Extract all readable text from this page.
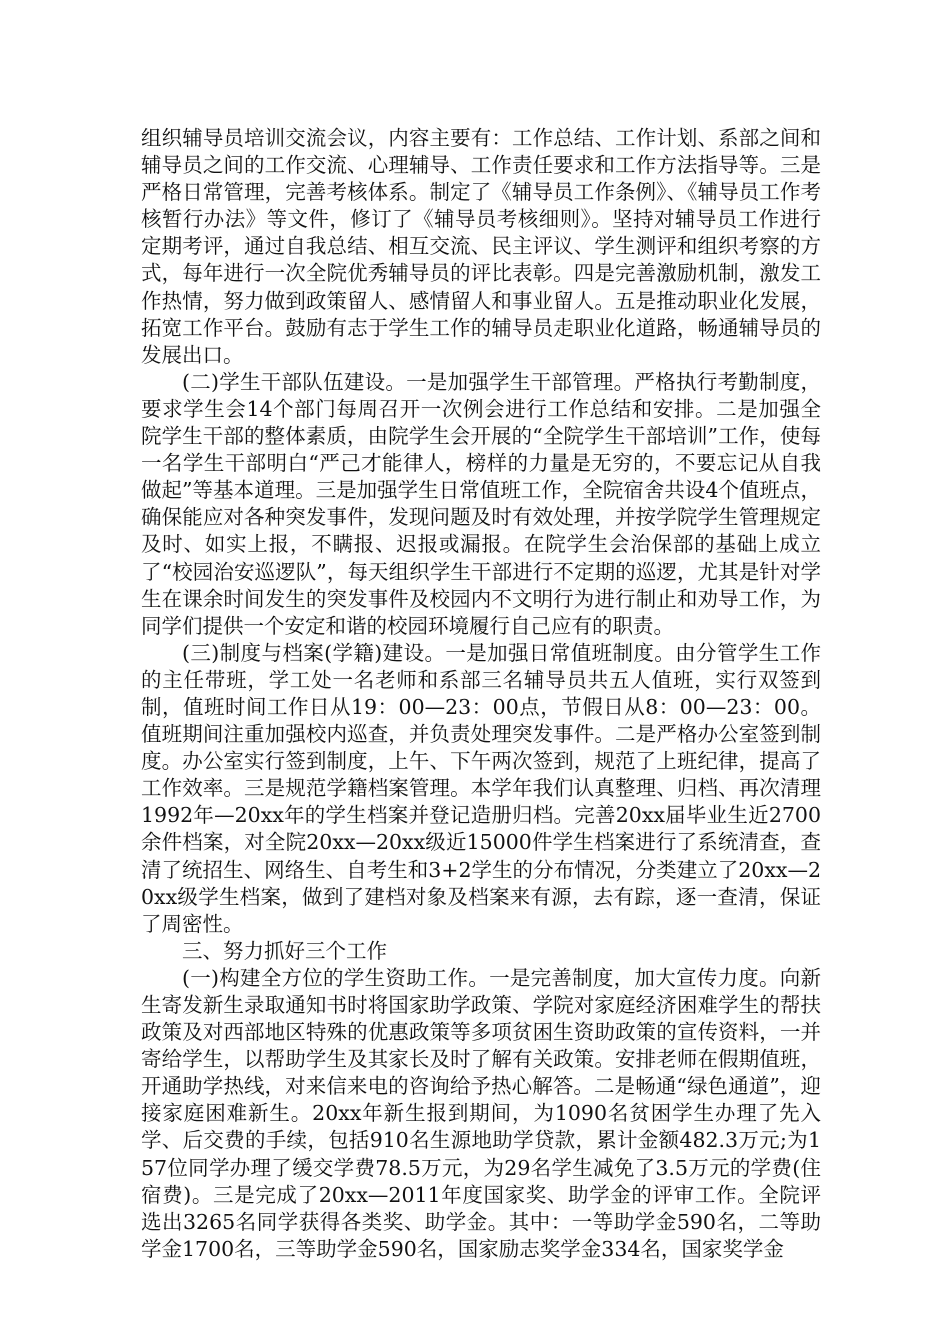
组织辅导员培训交流会议，内容主要有：工作总结、工作计划、系部之间和辅导员之间的工作交流、心理辅导、工作责任要求和工作方法指导等。三是严格日常管理，完善考核体系。制定了《辅导员工作条例》、《辅导员工作考核暂行办法》等文件，修订了《辅导员考核细则》。坚持对辅导员工作进行定期考评，通过自我总结、相互交流、民主评议、学生测评和组织考察的方式，每年进行一次全院优秀辅导员的评比表彰。四是完善激励机制，激发工作热情，努力做到政策留人、感情留人和事业留人。五是推动职业化发展，拓宽工作平台。鼓励有志于学生工作的辅导员走职业化道路，畅通辅导员的发展出口。

(二)学生干部队伍建设。一是加强学生干部管理。严格执行考勤制度，要求学生会14个部门每周召开一次例会进行工作总结和安排。二是加强全院学生干部的整体素质，由院学生会开展的“全院学生干部培训”工作，使每一名学生干部明白“严己才能律人，榜样的力量是无穷的，不要忘记从自我做起”等基本道理。三是加强学生日常值班工作，全院宿舍共设4个值班点，确保能应对各种突发事件，发现问题及时有效处理，并按学院学生管理规定及时、如实上报，不瞒报、迟报或漏报。在院学生会治保部的基础上成立了“校园治安巡逻队”，每天组织学生干部进行不定期的巡逻，尤其是针对学生在课余时间发生的突发事件及校园内不文明行为进行制止和劝导工作，为同学们提供一个安定和谐的校园环境履行自己应有的职责。

(三)制度与档案(学籍)建设。一是加强日常值班制度。由分管学生工作的主任带班，学工处一名老师和系部三名辅导员共五人值班，实行双签到制，值班时间工作日从19：00—23：00点，节假日从8：00—23：00。值班期间注重加强校内巡查，并负责处理突发事件。二是严格办公室签到制度。办公室实行签到制度，上午、下午两次签到，规范了上班纪律，提高了工作效率。三是规范学籍档案管理。本学年我们认真整理、归档、再次清理1992年—20xx年的学生档案并登记造册归档。完善20xx届毕业生近2700余件档案，对全院20xx—20xx级近15000件学生档案进行了系统清查，查清了统招生、网络生、自考生和3+2学生的分布情况，分类建立了20xx—20xx级学生档案，做到了建档对象及档案来有源，去有踪，逐一查清，保证了周密性。

三、努力抓好三个工作

(一)构建全方位的学生资助工作。一是完善制度，加大宣传力度。向新生寄发新生录取通知书时将国家助学政策、学院对家庭经济困难学生的帮扶政策及对西部地区特殊的优惠政策等多项贫困生资助政策的宣传资料，一并寄给学生，以帮助学生及其家长及时了解有关政策。安排老师在假期值班，开通助学热线，对来信来电的咨询给予热心解答。二是畅通“绿色通道”，迎接家庭困难新生。20xx年新生报到期间，为1090名贫困学生办理了先入学、后交费的手续，包括910名生源地助学贷款，累计金额482.3万元;为157位同学办理了缓交学费78.5万元，为29名学生减免了3.5万元的学费(住宿费)。三是完成了20xx—2011年度国家奖、助学金的评审工作。全院评选出3265名同学获得各类奖、助学金。其中：一等助学金590名，二等助学金1700名，三等助学金590名，国家励志奖学金334名，国家奖学金
